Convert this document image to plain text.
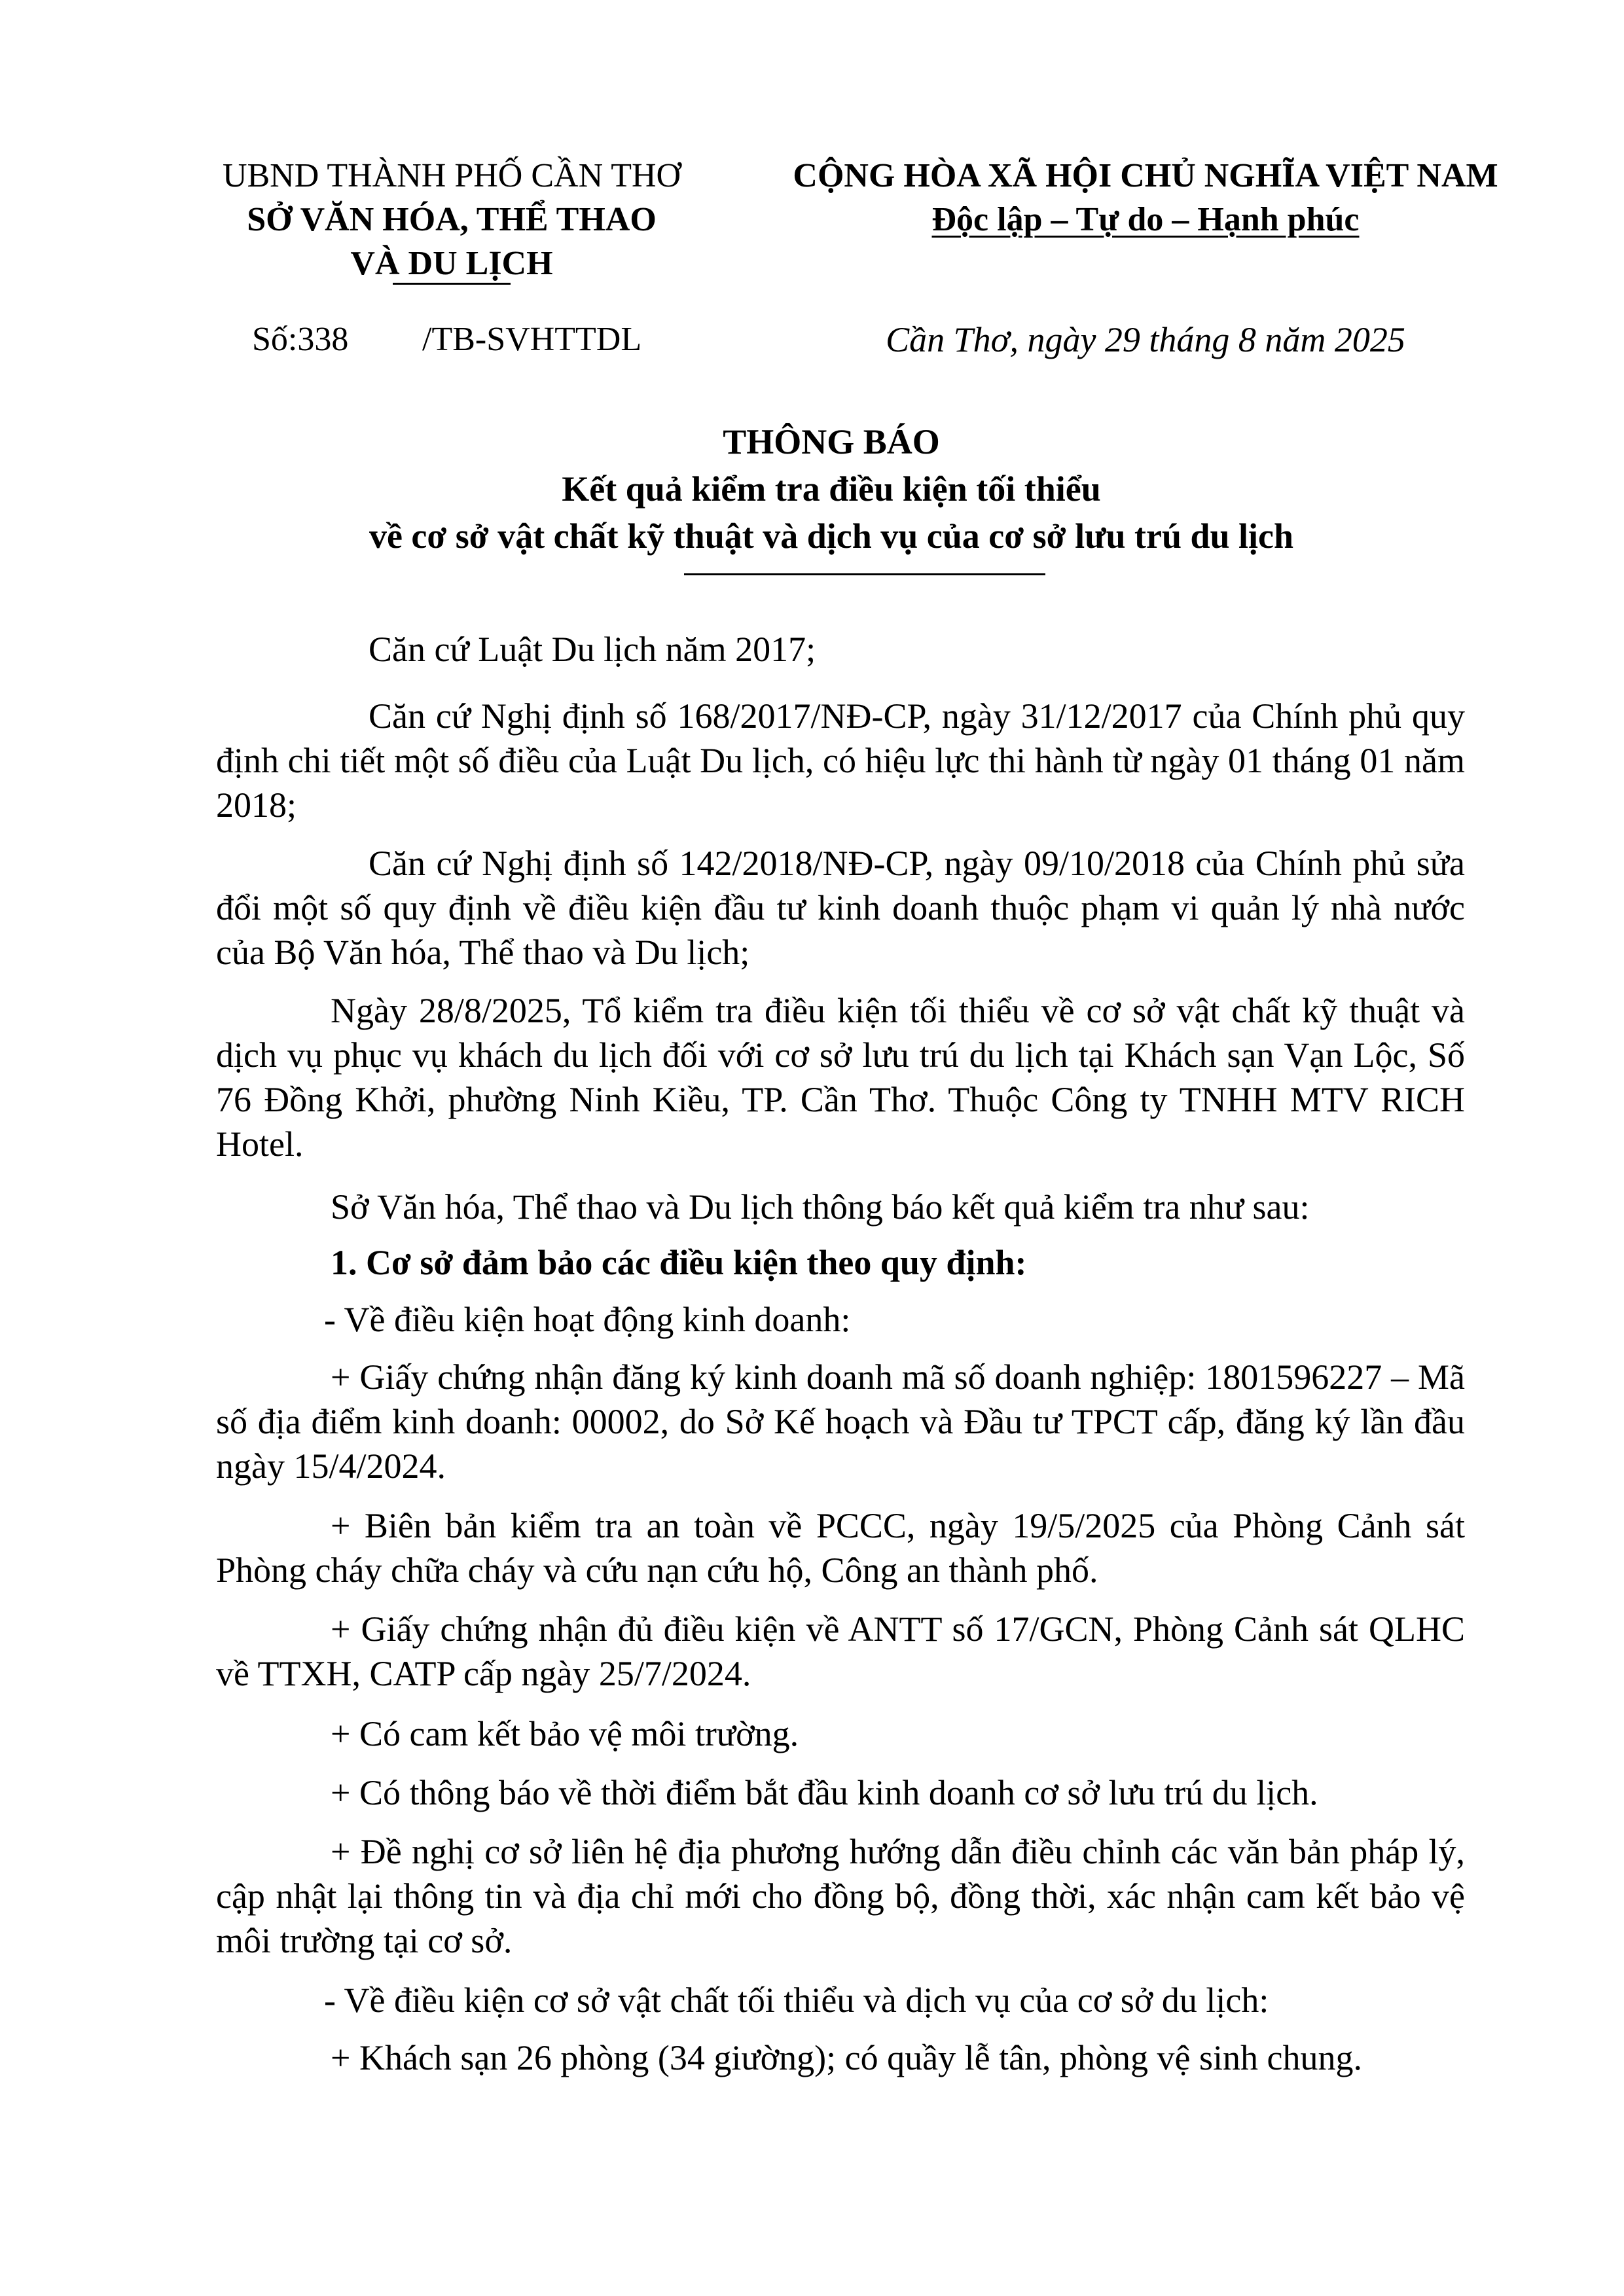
UBND THÀNH PHỐ CẦN THƠ
SỞ VĂN HÓA, THỂ THAO
VÀ DU LỊCH
CỘNG HÒA XÃ HỘI CHỦ NGHĨA VIỆT NAM
Độc lập – Tự do – Hạnh phúc
Số:338 /TB-SVHTTDL	Cần Thơ, ngày 29 tháng 8 năm 2025
THÔNG BÁO
Kết quả kiểm tra điều kiện tối thiểu
về cơ sở vật chất kỹ thuật và dịch vụ của cơ sở lưu trú du lịch
Căn cứ Luật Du lịch năm 2017;
Căn cứ Nghị định số 168/2017/NĐ-CP, ngày 31/12/2017 của Chính phủ quy định chi tiết một số điều của Luật Du lịch, có hiệu lực thi hành từ ngày 01 tháng 01 năm 2018;
Căn cứ Nghị định số 142/2018/NĐ-CP, ngày 09/10/2018 của Chính phủ sửa đổi một số quy định về điều kiện đầu tư kinh doanh thuộc phạm vi quản lý nhà nước của Bộ Văn hóa, Thể thao và Du lịch;
Ngày 28/8/2025, Tổ kiểm tra điều kiện tối thiểu về cơ sở vật chất kỹ thuật và dịch vụ phục vụ khách du lịch đối với cơ sở lưu trú du lịch tại Khách sạn Vạn Lộc, Số 76 Đồng Khởi, phường Ninh Kiều, TP. Cần Thơ. Thuộc Công ty TNHH MTV RICH Hotel.
Sở Văn hóa, Thể thao và Du lịch thông báo kết quả kiểm tra như sau:
1. Cơ sở đảm bảo các điều kiện theo quy định:
- Về điều kiện hoạt động kinh doanh:
+ Giấy chứng nhận đăng ký kinh doanh mã số doanh nghiệp: 1801596227 – Mã số địa điểm kinh doanh: 00002, do Sở Kế hoạch và Đầu tư TPCT cấp, đăng ký lần đầu ngày 15/4/2024.
+ Biên bản kiểm tra an toàn về PCCC, ngày 19/5/2025 của Phòng Cảnh sát Phòng cháy chữa cháy và cứu nạn cứu hộ, Công an thành phố.
+ Giấy chứng nhận đủ điều kiện về ANTT số 17/GCN, Phòng Cảnh sát QLHC về TTXH, CATP cấp ngày 25/7/2024.
+ Có cam kết bảo vệ môi trường.
+ Có thông báo về thời điểm bắt đầu kinh doanh cơ sở lưu trú du lịch.
+ Đề nghị cơ sở liên hệ địa phương hướng dẫn điều chỉnh các văn bản pháp lý, cập nhật lại thông tin và địa chỉ mới cho đồng bộ, đồng thời, xác nhận cam kết bảo vệ môi trường tại cơ sở.
- Về điều kiện cơ sở vật chất tối thiểu và dịch vụ của cơ sở du lịch:
+ Khách sạn 26 phòng (34 giường); có quầy lễ tân, phòng vệ sinh chung.
